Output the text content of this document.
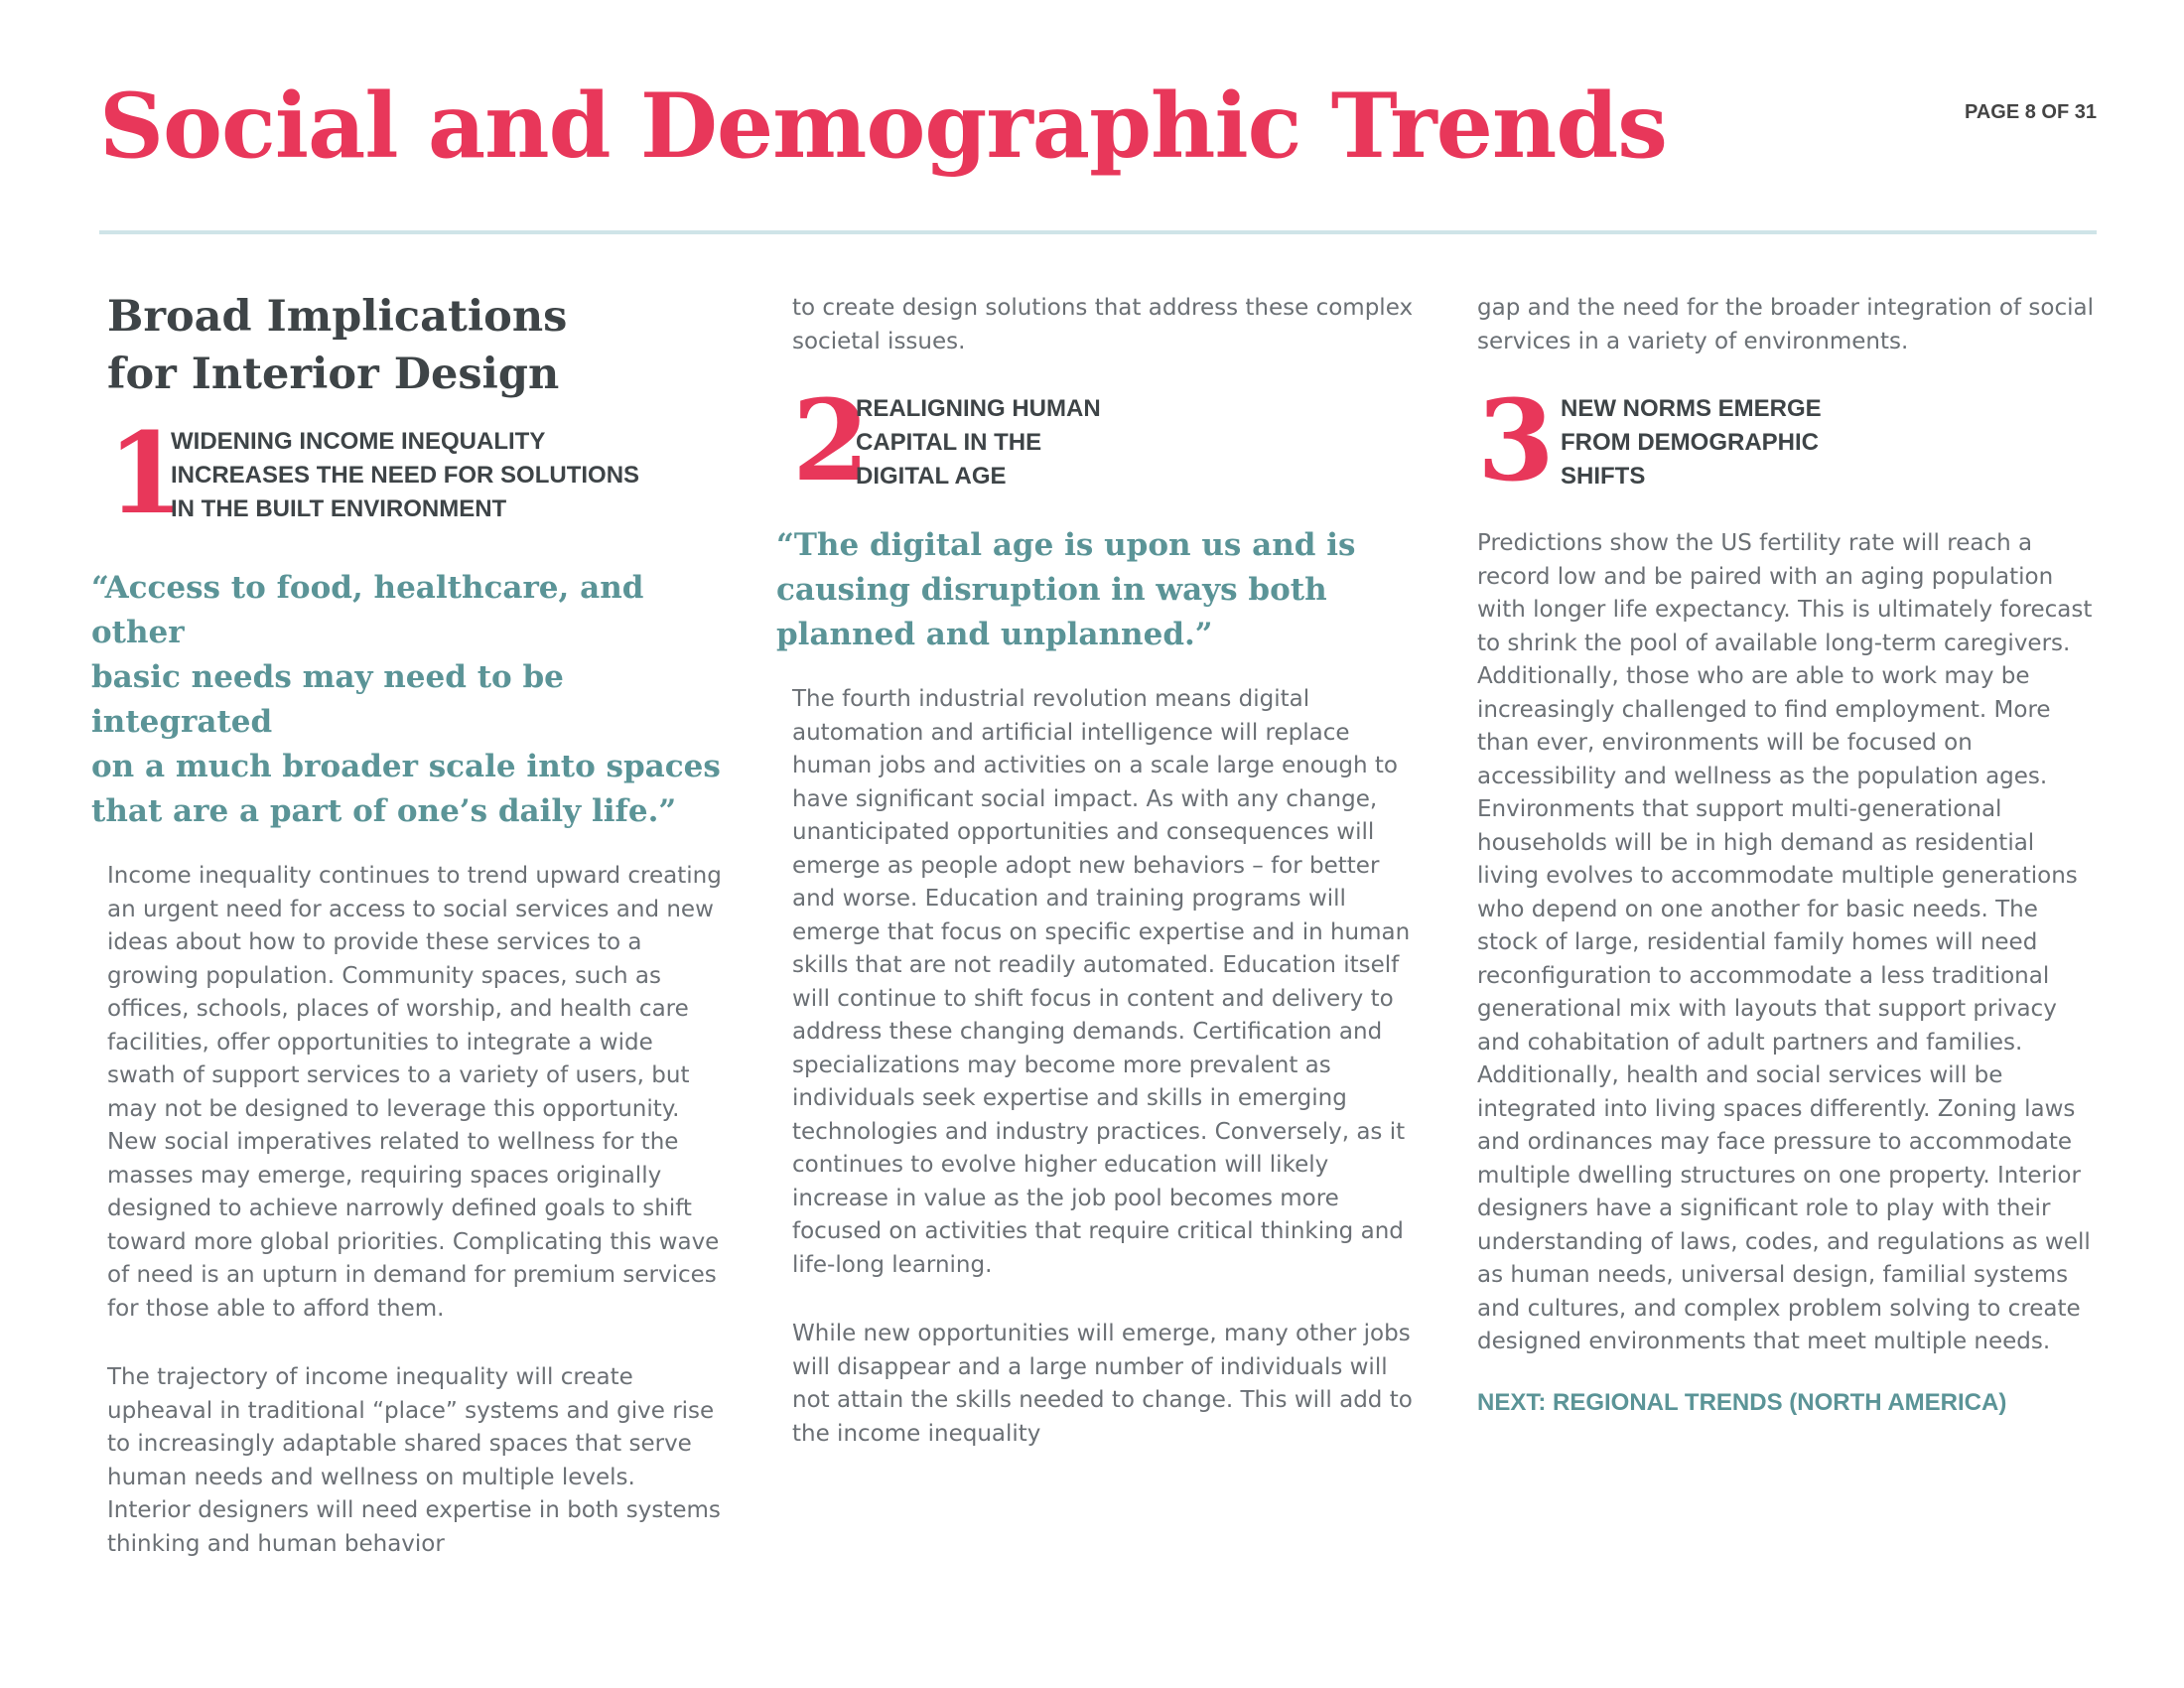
Social and Demographic Trends	PAGE 8 OF 31
Broad Implications
for Interior Design
1
WIDENING INCOME INEQUALITY
INCREASES THE NEED FOR SOLUTIONS
IN THE BUILT ENVIRONMENT

“Access to food, healthcare, and other
basic needs may need to be integrated
on a much broader scale into spaces
that are a part of one’s daily life.”

Income inequality continues to trend upward creating an urgent need for access to social services and new ideas about how to provide these services to a growing population. Community spaces, such as offices, schools, places of worship, and health care facilities, offer opportunities to integrate a wide swath of support services to a variety of users, but may not be designed to leverage this opportunity. New social imperatives related to wellness for the masses may emerge, requiring spaces originally designed to achieve narrowly defined goals to shift toward more global priorities. Complicating this wave of need is an upturn in demand for premium services for those able to afford them.

The trajectory of income inequality will create upheaval in traditional “place” systems and give rise to increasingly adaptable shared spaces that serve human needs and wellness on multiple levels. Interior designers will need expertise in both systems thinking and human behavior

to create design solutions that address these complex societal issues.

2
REALIGNING HUMAN
CAPITAL IN THE
DIGITAL AGE

“The digital age is upon us and is
causing disruption in ways both
planned and unplanned.”

The fourth industrial revolution means digital automation and artificial intelligence will replace human jobs and activities on a scale large enough to have significant social impact. As with any change, unanticipated opportunities and consequences will emerge as people adopt new behaviors – for better and worse. Education and training programs will emerge that focus on specific expertise and in human skills that are not readily automated. Education itself will continue to shift focus in content and delivery to address these changing demands. Certification and specializations may become more prevalent as individuals seek expertise and skills in emerging technologies and industry practices. Conversely, as it continues to evolve higher education will likely increase in value as the job pool becomes more focused on activities that require critical thinking and life-long learning.

While new opportunities will emerge, many other jobs will disappear and a large number of individuals will not attain the skills needed to change. This will add to the income inequality

gap and the need for the broader integration of social services in a variety of environments.

3 NEW NORMS EMERGE
FROM DEMOGRAPHIC
SHIFTS

Predictions show the US fertility rate will reach a record low and be paired with an aging population with longer life expectancy. This is ultimately forecast to shrink the pool of available long-term caregivers. Additionally, those who are able to work may be increasingly challenged to find employment. More than ever, environments will be focused on accessibility and wellness as the population ages. Environments that support multi-generational households will be in high demand as residential living evolves to accommodate multiple generations who depend on one another for basic needs. The stock of large, residential family homes will need reconfiguration to accommodate a less traditional generational mix with layouts that support privacy and cohabitation of adult partners and families. Additionally, health and social services will be integrated into living spaces differently. Zoning laws and ordinances may face pressure to accommodate multiple dwelling structures on one property. Interior designers have a significant role to play with their understanding of laws, codes, and regulations as well as human needs, universal design, familial systems and cultures, and complex problem solving to create designed environments that meet multiple needs.

NEXT: REGIONAL TRENDS (NORTH AMERICA)
